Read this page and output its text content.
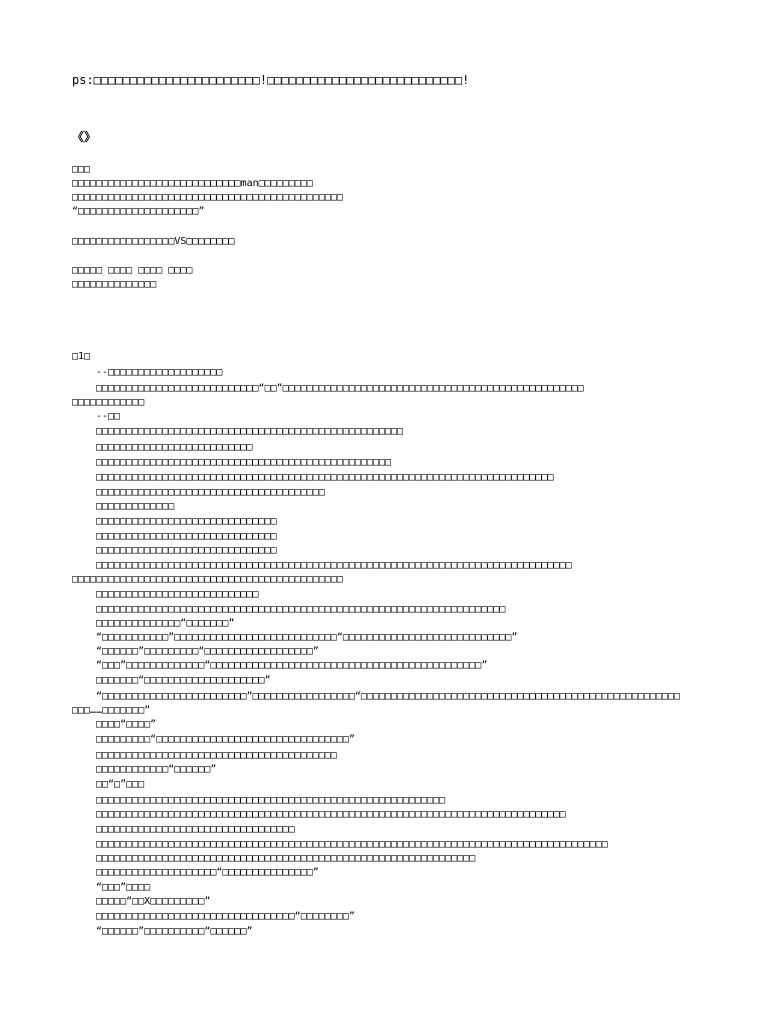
ps:□□□□□□□□□□□□□□□□□□□□□□□!□□□□□□□□□□□□□□□□□□□□□□□□□□□!
《》
□□□
□□□□□□□□□□□□□□□□□□□□□□□□□□□□man□□□□□□□□□
□□□□□□□□□□□□□□□□□□□□□□□□□□□□□□□□□□□□□□□□□□□□□
“□□□□□□□□□□□□□□□□□□□□”
□□□□□□□□□□□□□□□□□VS□□□□□□□□
□□□□□ □□□□ □□□□ □□□□
□□□□□□□□□□□□□□
□1□
--□□□□□□□□□□□□□□□□□□□
□□□□□□□□□□□□□□□□□□□□□□□□□□□“□□”□□□□□□□□□□□□□□□□□□□□□□□□□□□□□□□□□□□□□□□□□□□□□□□□□□
□□□□□□□□□□□□
--□□
□□□□□□□□□□□□□□□□□□□□□□□□□□□□□□□□□□□□□□□□□□□□□□□□□□□
□□□□□□□□□□□□□□□□□□□□□□□□□□
□□□□□□□□□□□□□□□□□□□□□□□□□□□□□□□□□□□□□□□□□□□□□□□□□
□□□□□□□□□□□□□□□□□□□□□□□□□□□□□□□□□□□□□□□□□□□□□□□□□□□□□□□□□□□□□□□□□□□□□□□□□□□□
□□□□□□□□□□□□□□□□□□□□□□□□□□□□□□□□□□□□□□
□□□□□□□□□□□□□
□□□□□□□□□□□□□□□□□□□□□□□□□□□□□□
□□□□□□□□□□□□□□□□□□□□□□□□□□□□□□
□□□□□□□□□□□□□□□□□□□□□□□□□□□□□□
□□□□□□□□□□□□□□□□□□□□□□□□□□□□□□□□□□□□□□□□□□□□□□□□□□□□□□□□□□□□□□□□□□□□□□□□□□□□□□□
□□□□□□□□□□□□□□□□□□□□□□□□□□□□□□□□□□□□□□□□□□□□□
□□□□□□□□□□□□□□□□□□□□□□□□□□□
□□□□□□□□□□□□□□□□□□□□□□□□□□□□□□□□□□□□□□□□□□□□□□□□□□□□□□□□□□□□□□□□□□□□
□□□□□□□□□□□□□□“□□□□□□□”
“□□□□□□□□□□□”□□□□□□□□□□□□□□□□□□□□□□□□□□□“□□□□□□□□□□□□□□□□□□□□□□□□□□□□”
“□□□□□□”□□□□□□□□□“□□□□□□□□□□□□□□□□□□”
“□□□”□□□□□□□□□□□□□“□□□□□□□□□□□□□□□□□□□□□□□□□□□□□□□□□□□□□□□□□□□□□”
□□□□□□□“□□□□□□□□□□□□□□□□□□□□”
“□□□□□□□□□□□□□□□□□□□□□□□□”□□□□□□□□□□□□□□□□□“□□□□□□□□□□□□□□□□□□□□□□□□□□□□□□□□□□□□□□□□□□□□□□□□□□□□□
□□□……□□□□□□□”
□□□□“□□□□”
□□□□□□□□□“□□□□□□□□□□□□□□□□□□□□□□□□□□□□□□□□”
□□□□□□□□□□□□□□□□□□□□□□□□□□□□□□□□□□□□□□□□
□□□□□□□□□□□□“□□□□□□”
□□“□”□□□
□□□□□□□□□□□□□□□□□□□□□□□□□□□□□□□□□□□□□□□□□□□□□□□□□□□□□□□□□□
□□□□□□□□□□□□□□□□□□□□□□□□□□□□□□□□□□□□□□□□□□□□□□□□□□□□□□□□□□□□□□□□□□□□□□□□□□□□□□
□□□□□□□□□□□□□□□□□□□□□□□□□□□□□□□□□
□□□□□□□□□□□□□□□□□□□□□□□□□□□□□□□□□□□□□□□□□□□□□□□□□□□□□□□□□□□□□□□□□□□□□□□□□□□□□□□□□□□□□
□□□□□□□□□□□□□□□□□□□□□□□□□□□□□□□□□□□□□□□□□□□□□□□□□□□□□□□□□□□□□□□
□□□□□□□□□□□□□□□□□□□□“□□□□□□□□□□□□□□□”
“□□□”□□□□
□□□□□“□□X□□□□□□□□□”
□□□□□□□□□□□□□□□□□□□□□□□□□□□□□□□□□“□□□□□□□□”
“□□□□□□”□□□□□□□□□□“□□□□□□”
